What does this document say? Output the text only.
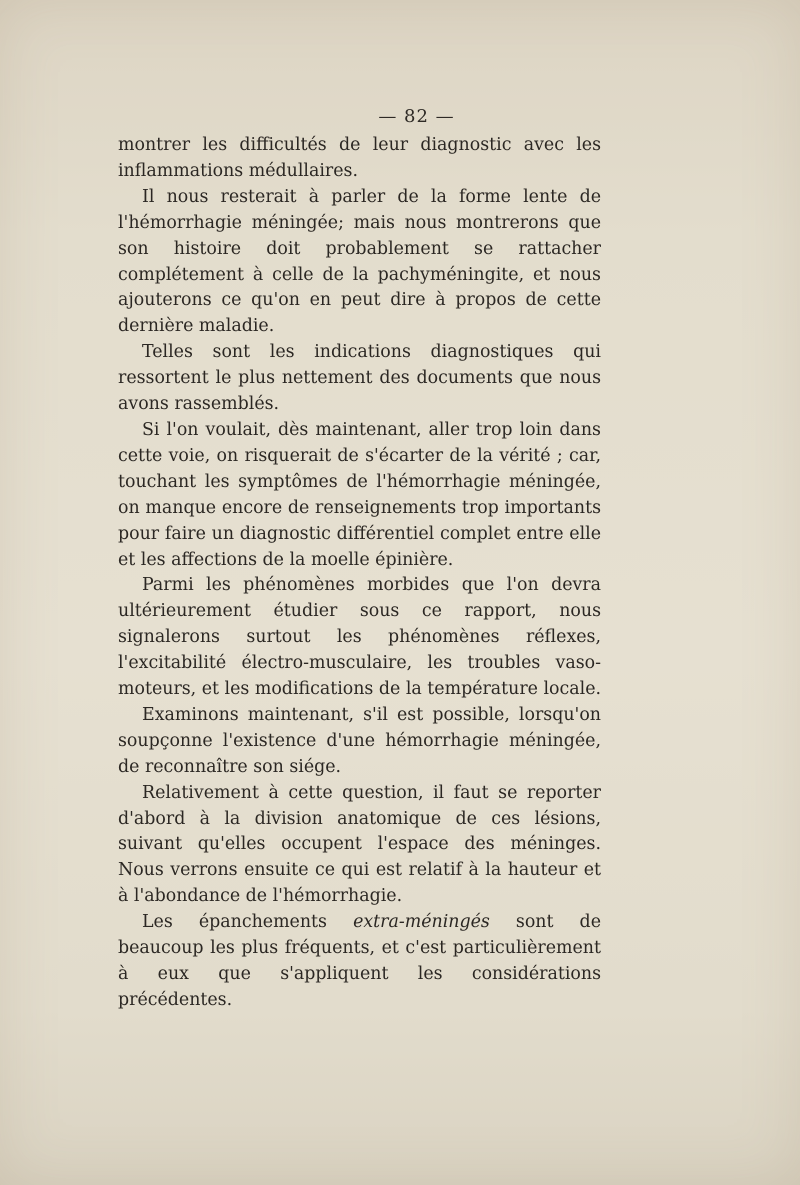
— 82 —

montrer les difficultés de leur diagnostic avec les inflammations médullaires.

Il nous resterait à parler de la forme lente de l'hémorrhagie méningée; mais nous montrerons que son histoire doit probablement se rattacher complétement à celle de la pachyméningite, et nous ajouterons ce qu'on en peut dire à propos de cette dernière maladie.

Telles sont les indications diagnostiques qui ressortent le plus nettement des documents que nous avons rassemblés.

Si l'on voulait, dès maintenant, aller trop loin dans cette voie, on risquerait de s'écarter de la vérité ; car, touchant les symptômes de l'hémorrhagie méningée, on manque encore de renseignements trop importants pour faire un diagnostic différentiel complet entre elle et les affections de la moelle épinière.

Parmi les phénomènes morbides que l'on devra ultérieurement étudier sous ce rapport, nous signalerons surtout les phénomènes réflexes, l'excitabilité électro-musculaire, les troubles vaso-moteurs, et les modifications de la température locale.

Examinons maintenant, s'il est possible, lorsqu'on soupçonne l'existence d'une hémorrhagie méningée, de reconnaître son siége.

Relativement à cette question, il faut se reporter d'abord à la division anatomique de ces lésions, suivant qu'elles occupent l'espace des méninges. Nous verrons ensuite ce qui est relatif à la hauteur et à l'abondance de l'hémorrhagie.

Les épanchements extra-méningés sont de beaucoup les plus fréquents, et c'est particulièrement à eux que s'appliquent les considérations précédentes.
